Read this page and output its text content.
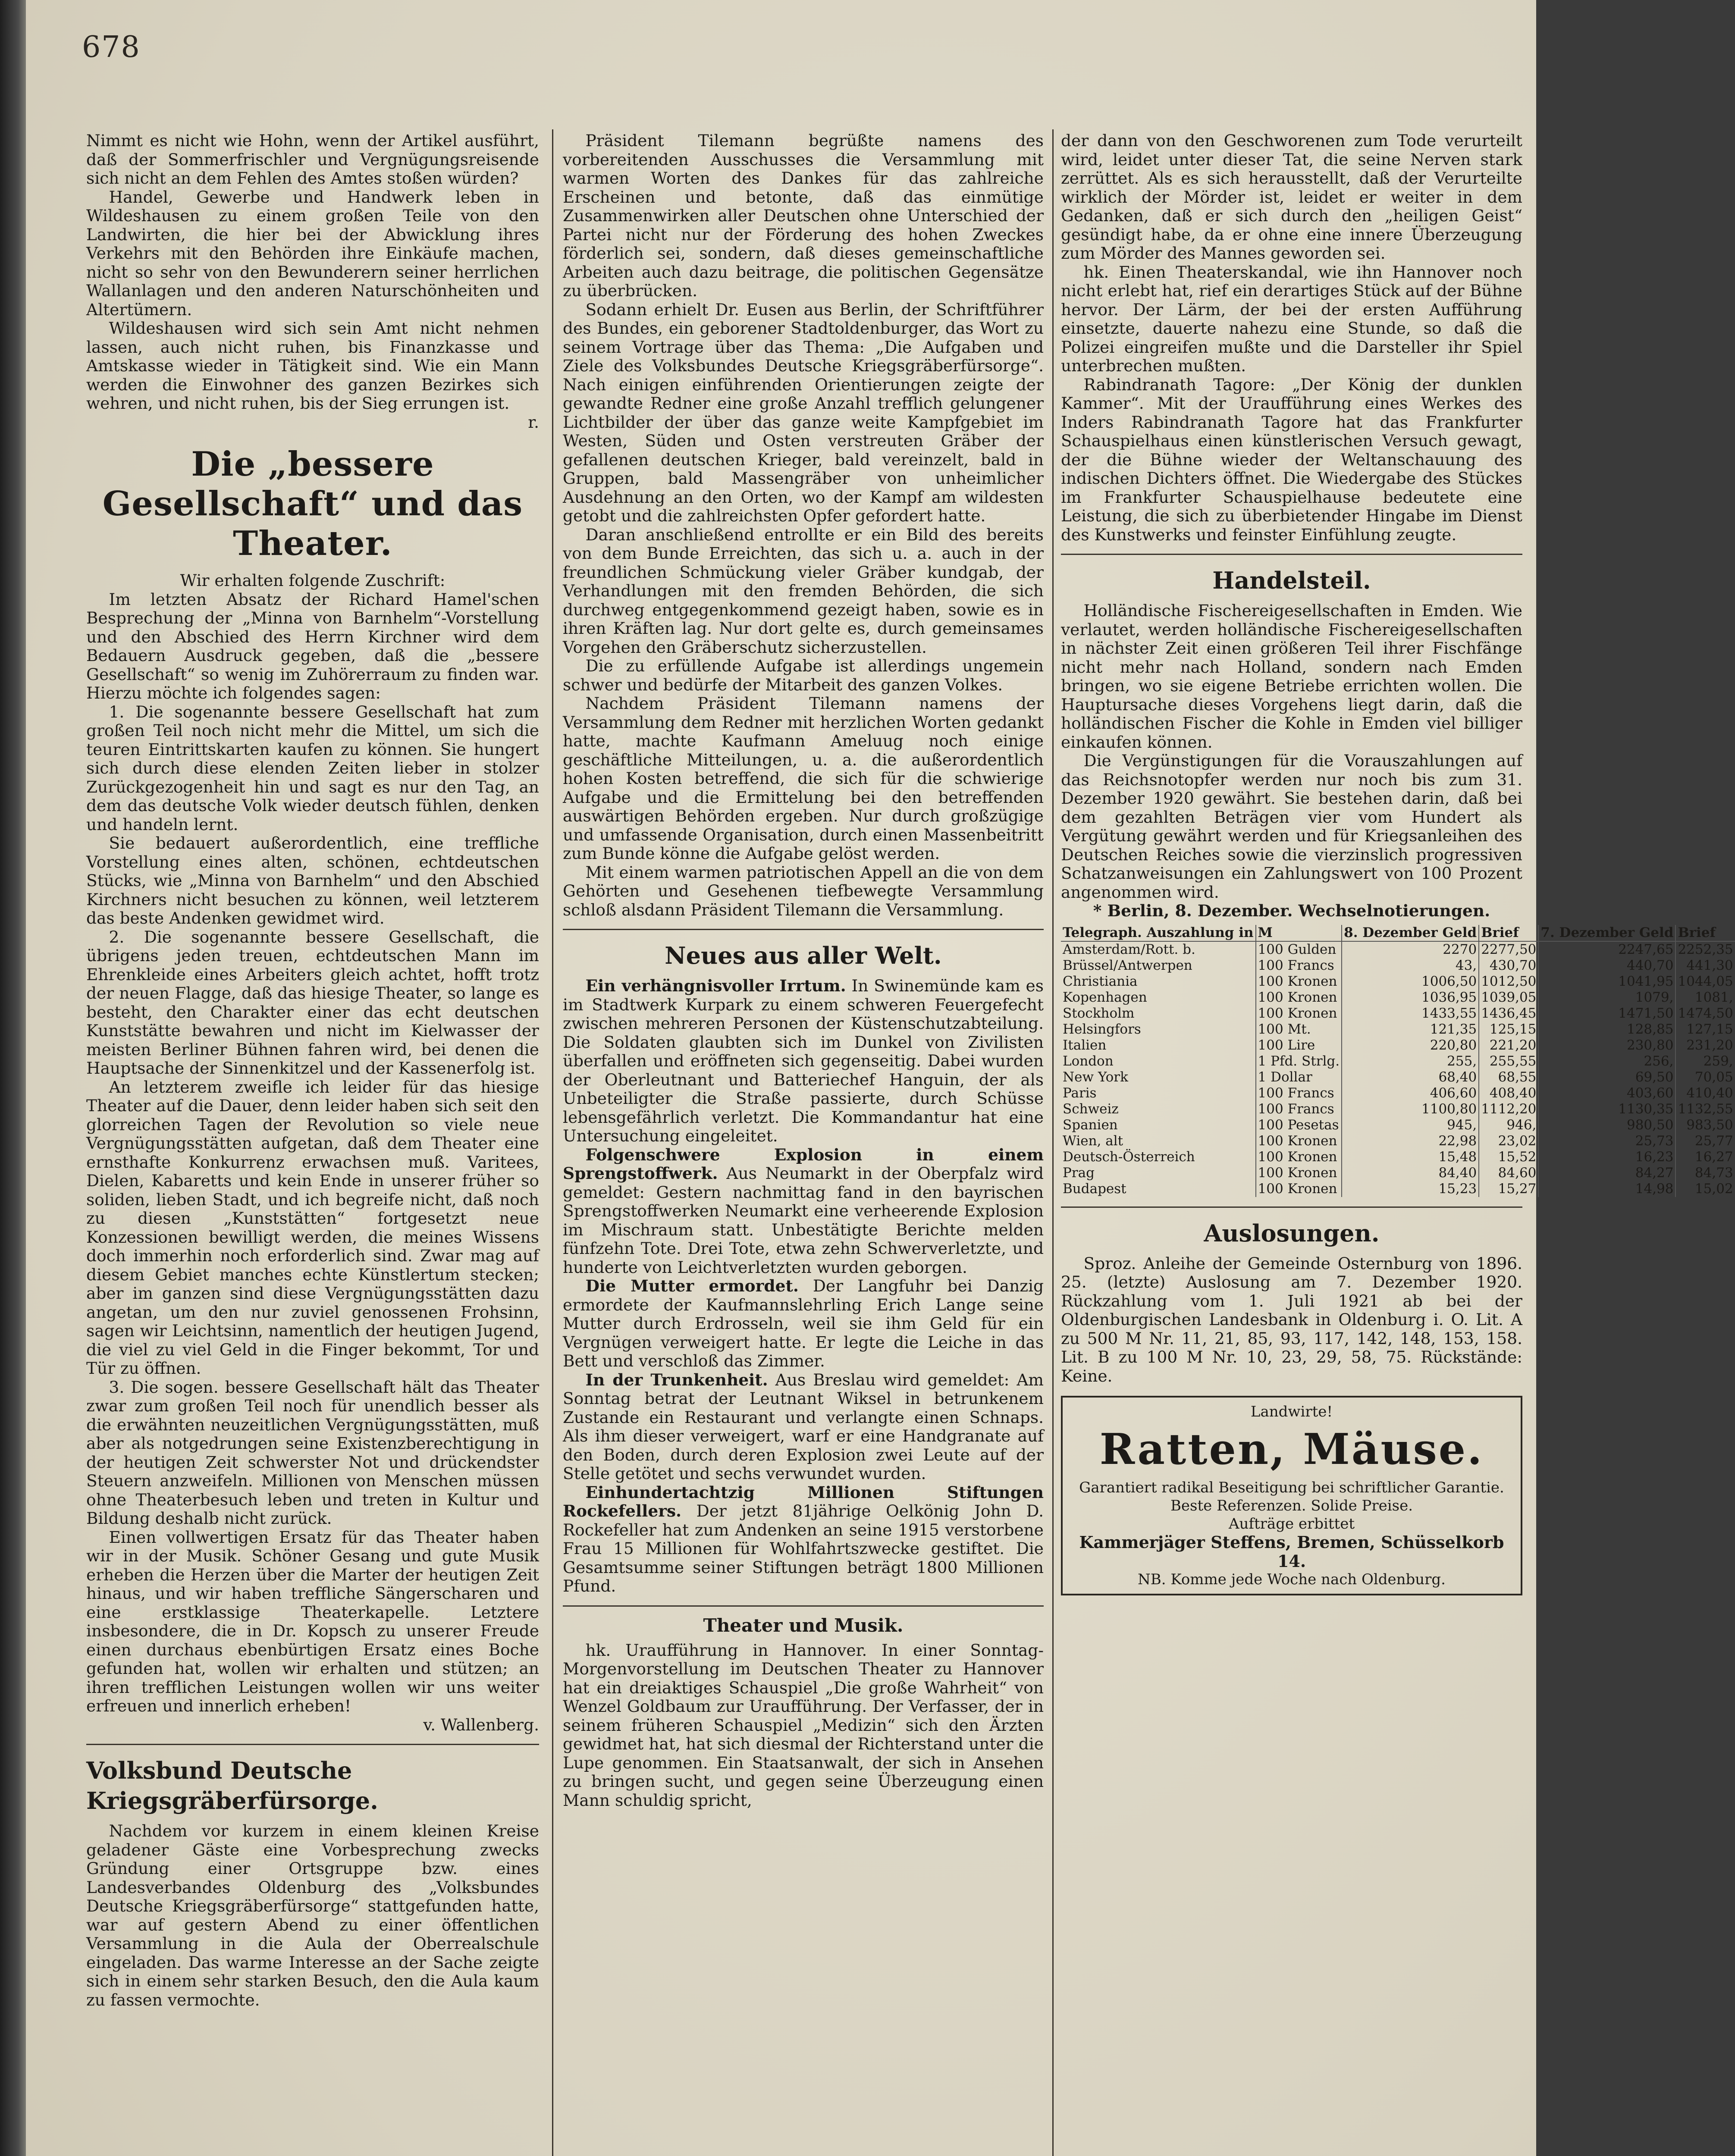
678

Nimmt es nicht wie Hohn, wenn der Artikel ausführt, daß der Sommerfrischler und Vergnügungsreisende sich nicht an dem Fehlen des Amtes stoßen würden?

Handel, Gewerbe und Handwerk leben in Wildeshausen zu einem großen Teile von den Landwirten, die hier bei der Abwicklung ihres Verkehrs mit den Behörden ihre Einkäufe machen, nicht so sehr von den Bewunderern seiner herrlichen Wallanlagen und den anderen Naturschönheiten und Altertümern.

Wildeshausen wird sich sein Amt nicht nehmen lassen, auch nicht ruhen, bis Finanzkasse und Amtskasse wieder in Tätigkeit sind. Wie ein Mann werden die Einwohner des ganzen Bezirkes sich wehren, und nicht ruhen, bis der Sieg errungen ist.

r.

Die „bessere Gesellschaft“ und das Theater.

Wir erhalten folgende Zuschrift:

Im letzten Absatz der Richard Hamel'schen Besprechung der „Minna von Barnhelm“-Vorstellung und den Abschied des Herrn Kirchner wird dem Bedauern Ausdruck gegeben, daß die „bessere Gesellschaft“ so wenig im Zuhörerraum zu finden war. Hierzu möchte ich folgendes sagen:

1. Die sogenannte bessere Gesellschaft hat zum großen Teil noch nicht mehr die Mittel, um sich die teuren Eintrittskarten kaufen zu können. Sie hungert sich durch diese elenden Zeiten lieber in stolzer Zurückgezogenheit hin und sagt es nur den Tag, an dem das deutsche Volk wieder deutsch fühlen, denken und handeln lernt.

Sie bedauert außerordentlich, eine treffliche Vorstellung eines alten, schönen, echtdeutschen Stücks, wie „Minna von Barnhelm“ und den Abschied Kirchners nicht besuchen zu können, weil letzterem das beste Andenken gewidmet wird.

2. Die sogenannte bessere Gesellschaft, die übrigens jeden treuen, echtdeutschen Mann im Ehrenkleide eines Arbeiters gleich achtet, hofft trotz der neuen Flagge, daß das hiesige Theater, so lange es besteht, den Charakter einer das echt deutschen Kunststätte bewahren und nicht im Kielwasser der meisten Berliner Bühnen fahren wird, bei denen die Hauptsache der Sinnenkitzel und der Kassenerfolg ist.

An letzterem zweifle ich leider für das hiesige Theater auf die Dauer, denn leider haben sich seit den glorreichen Tagen der Revolution so viele neue Vergnügungsstätten aufgetan, daß dem Theater eine ernsthafte Konkurrenz erwachsen muß. Varitees, Dielen, Kabaretts und kein Ende in unserer früher so soliden, lieben Stadt, und ich begreife nicht, daß noch zu diesen „Kunststätten“ fortgesetzt neue Konzessionen bewilligt werden, die meines Wissens doch immerhin noch erforderlich sind. Zwar mag auf diesem Gebiet manches echte Künstlertum stecken; aber im ganzen sind diese Vergnügungsstätten dazu angetan, um den nur zuviel genossenen Frohsinn, sagen wir Leichtsinn, namentlich der heutigen Jugend, die viel zu viel Geld in die Finger bekommt, Tor und Tür zu öffnen.

3. Die sogen. bessere Gesellschaft hält das Theater zwar zum großen Teil noch für unendlich besser als die erwähnten neuzeitlichen Vergnügungsstätten, muß aber als notgedrungen seine Existenzberechtigung in der heutigen Zeit schwerster Not und drückendster Steuern anzweifeln. Millionen von Menschen müssen ohne Theaterbesuch leben und treten in Kultur und Bildung deshalb nicht zurück.

Einen vollwertigen Ersatz für das Theater haben wir in der Musik. Schöner Gesang und gute Musik erheben die Herzen über die Marter der heutigen Zeit hinaus, und wir haben treffliche Sängerscharen und eine erstklassige Theaterkapelle. Letztere insbesondere, die in Dr. Kopsch zu unserer Freude einen durchaus ebenbürtigen Ersatz eines Boche gefunden hat, wollen wir erhalten und stützen; an ihren trefflichen Leistungen wollen wir uns weiter erfreuen und innerlich erheben!

v. Wallenberg.

Volksbund Deutsche Kriegsgräberfürsorge.

Nachdem vor kurzem in einem kleinen Kreise geladener Gäste eine Vorbesprechung zwecks Gründung einer Ortsgruppe bzw. eines Landesverbandes Oldenburg des „Volksbundes Deutsche Kriegsgräberfürsorge“ stattgefunden hatte, war auf gestern Abend zu einer öffentlichen Versammlung in die Aula der Oberrealschule eingeladen. Das warme Interesse an der Sache zeigte sich in einem sehr starken Besuch, den die Aula kaum zu fassen vermochte.

Präsident Tilemann begrüßte namens des vorbereitenden Ausschusses die Versammlung mit warmen Worten des Dankes für das zahlreiche Erscheinen und betonte, daß das einmütige Zusammenwirken aller Deutschen ohne Unterschied der Partei nicht nur der Förderung des hohen Zweckes förderlich sei, sondern, daß dieses gemeinschaftliche Arbeiten auch dazu beitrage, die politischen Gegensätze zu überbrücken.

Sodann erhielt Dr. Eusen aus Berlin, der Schriftführer des Bundes, ein geborener Stadtoldenburger, das Wort zu seinem Vortrage über das Thema: „Die Aufgaben und Ziele des Volksbundes Deutsche Kriegsgräberfürsorge“. Nach einigen einführenden Orientierungen zeigte der gewandte Redner eine große Anzahl trefflich gelungener Lichtbilder der über das ganze weite Kampfgebiet im Westen, Süden und Osten verstreuten Gräber der gefallenen deutschen Krieger, bald vereinzelt, bald in Gruppen, bald Massengräber von unheimlicher Ausdehnung an den Orten, wo der Kampf am wildesten getobt und die zahlreichsten Opfer gefordert hatte.

Daran anschließend entrollte er ein Bild des bereits von dem Bunde Erreichten, das sich u. a. auch in der freundlichen Schmückung vieler Gräber kundgab, der Verhandlungen mit den fremden Behörden, die sich durchweg entgegenkommend gezeigt haben, sowie es in ihren Kräften lag. Nur dort gelte es, durch gemeinsames Vorgehen den Gräberschutz sicherzustellen.

Die zu erfüllende Aufgabe ist allerdings ungemein schwer und bedürfe der Mitarbeit des ganzen Volkes.

Nachdem Präsident Tilemann namens der Versammlung dem Redner mit herzlichen Worten gedankt hatte, machte Kaufmann Ameluug noch einige geschäftliche Mitteilungen, u. a. die außerordentlich hohen Kosten betreffend, die sich für die schwierige Aufgabe und die Ermittelung bei den betreffenden auswärtigen Behörden ergeben. Nur durch großzügige und umfassende Organisation, durch einen Massenbeitritt zum Bunde könne die Aufgabe gelöst werden.

Mit einem warmen patriotischen Appell an die von dem Gehörten und Gesehenen tiefbewegte Versammlung schloß alsdann Präsident Tilemann die Versammlung.

Neues aus aller Welt.

Ein verhängnisvoller Irrtum. In Swinemünde kam es im Stadtwerk Kurpark zu einem schweren Feuergefecht zwischen mehreren Personen der Küstenschutzabteilung. Die Soldaten glaubten sich im Dunkel von Zivilisten überfallen und eröffneten sich gegenseitig. Dabei wurden der Oberleutnant und Batteriechef Hanguin, der als Unbeteiligter die Straße passierte, durch Schüsse lebensgefährlich verletzt. Die Kommandantur hat eine Untersuchung eingeleitet.

Folgenschwere Explosion in einem Sprengstoffwerk. Aus Neumarkt in der Oberpfalz wird gemeldet: Gestern nachmittag fand in den bayrischen Sprengstoffwerken Neumarkt eine verheerende Explosion im Mischraum statt. Unbestätigte Berichte melden fünfzehn Tote. Drei Tote, etwa zehn Schwerverletzte, und hunderte von Leichtverletzten wurden geborgen.

Die Mutter ermordet. Der Langfuhr bei Danzig ermordete der Kaufmannslehrling Erich Lange seine Mutter durch Erdrosseln, weil sie ihm Geld für ein Vergnügen verweigert hatte. Er legte die Leiche in das Bett und verschloß das Zimmer.

In der Trunkenheit. Aus Breslau wird gemeldet: Am Sonntag betrat der Leutnant Wiksel in betrunkenem Zustande ein Restaurant und verlangte einen Schnaps. Als ihm dieser verweigert, warf er eine Handgranate auf den Boden, durch deren Explosion zwei Leute auf der Stelle getötet und sechs verwundet wurden.

Einhundertachtzig Millionen Stiftungen Rockefellers. Der jetzt 81jährige Oelkönig John D. Rockefeller hat zum Andenken an seine 1915 verstorbene Frau 15 Millionen für Wohlfahrtszwecke gestiftet. Die Gesamtsumme seiner Stiftungen beträgt 1800 Millionen Pfund.

Theater und Musik.

hk. Uraufführung in Hannover. In einer Sonntag-Morgenvorstellung im Deutschen Theater zu Hannover hat ein dreiaktiges Schauspiel „Die große Wahrheit“ von Wenzel Goldbaum zur Uraufführung. Der Verfasser, der in seinem früheren Schauspiel „Medizin“ sich den Ärzten gewidmet hat, hat sich diesmal der Richterstand unter die Lupe genommen. Ein Staatsanwalt, der sich in Ansehen zu bringen sucht, und gegen seine Überzeugung einen Mann schuldig spricht,

der dann von den Geschworenen zum Tode verurteilt wird, leidet unter dieser Tat, die seine Nerven stark zerrüttet. Als es sich herausstellt, daß der Verurteilte wirklich der Mörder ist, leidet er weiter in dem Gedanken, daß er sich durch den „heiligen Geist“ gesündigt habe, da er ohne eine innere Überzeugung zum Mörder des Mannes geworden sei.

hk. Einen Theaterskandal, wie ihn Hannover noch nicht erlebt hat, rief ein derartiges Stück auf der Bühne hervor. Der Lärm, der bei der ersten Aufführung einsetzte, dauerte nahezu eine Stunde, so daß die Polizei eingreifen mußte und die Darsteller ihr Spiel unterbrechen mußten.

Rabindranath Tagore: „Der König der dunklen Kammer“. Mit der Uraufführung eines Werkes des Inders Rabindranath Tagore hat das Frankfurter Schauspielhaus einen künstlerischen Versuch gewagt, der die Bühne wieder der Weltanschauung des indischen Dichters öffnet. Die Wiedergabe des Stückes im Frankfurter Schauspielhause bedeutete eine Leistung, die sich zu überbietender Hingabe im Dienst des Kunstwerks und feinster Einfühlung zeugte.

Handelsteil.

Holländische Fischereigesellschaften in Emden. Wie verlautet, werden holländische Fischereigesellschaften in nächster Zeit einen größeren Teil ihrer Fischfänge nicht mehr nach Holland, sondern nach Emden bringen, wo sie eigene Betriebe errichten wollen. Die Hauptursache dieses Vorgehens liegt darin, daß die holländischen Fischer die Kohle in Emden viel billiger einkaufen können.

Die Vergünstigungen für die Vorauszahlungen auf das Reichsnotopfer werden nur noch bis zum 31. Dezember 1920 gewährt. Sie bestehen darin, daß bei dem gezahlten Beträgen vier vom Hundert als Vergütung gewährt werden und für Kriegsanleihen des Deutschen Reiches sowie die vierzinslich progressiven Schatzanweisungen ein Zahlungswert von 100 Prozent angenommen wird.

* Berlin, 8. Dezember. Wechselnotierungen.

Telegraph. Auszahlung in	M	8. Dezember Geld	Brief	7. Dezember Geld	Brief
Amsterdam/Rott. b.	100 Gulden	2270	2277,50	2247,65	2252,35
Brüssel/Antwerpen	100 Francs	43,	430,70	440,70	441,30
Christiania	100 Kronen	1006,50	1012,50	1041,95	1044,05
Kopenhagen	100 Kronen	1036,95	1039,05	1079,	1081,
Stockholm	100 Kronen	1433,55	1436,45	1471,50	1474,50
Helsingfors	100 Mt.	121,35	125,15	128,85	127,15
Italien	100 Lire	220,80	221,20	230,80	231,20
London	1 Pfd. Strlg.	255,	255,55	256,	259,
New York	1 Dollar	68,40	68,55	69,50	70,05
Paris	100 Francs	406,60	408,40	403,60	410,40
Schweiz	100 Francs	1100,80	1112,20	1130,35	1132,55
Spanien	100 Pesetas	945,	946,	980,50	983,50
Wien, alt	100 Kronen	22,98	23,02	25,73	25,77
Deutsch-Österreich	100 Kronen	15,48	15,52	16,23	16,27
Prag	100 Kronen	84,40	84,60	84,27	84,73
Budapest	100 Kronen	15,23	15,27	14,98	15,02
Auslosungen.

Sproz. Anleihe der Gemeinde Osternburg von 1896. 25. (letzte) Auslosung am 7. Dezember 1920. Rückzahlung vom 1. Juli 1921 ab bei der Oldenburgischen Landesbank in Oldenburg i. O. Lit. A zu 500 M Nr. 11, 21, 85, 93, 117, 142, 148, 153, 158. Lit. B zu 100 M Nr. 10, 23, 29, 58, 75. Rückstände: Keine.

Landwirte!
Ratten, Mäuse.
Garantiert radikal Beseitigung bei schriftlicher Garantie.
Beste Referenzen. Solide Preise.
Aufträge erbittet
Kammerjäger Steffens, Bremen, Schüsselkorb 14.
NB. Komme jede Woche nach Oldenburg.
